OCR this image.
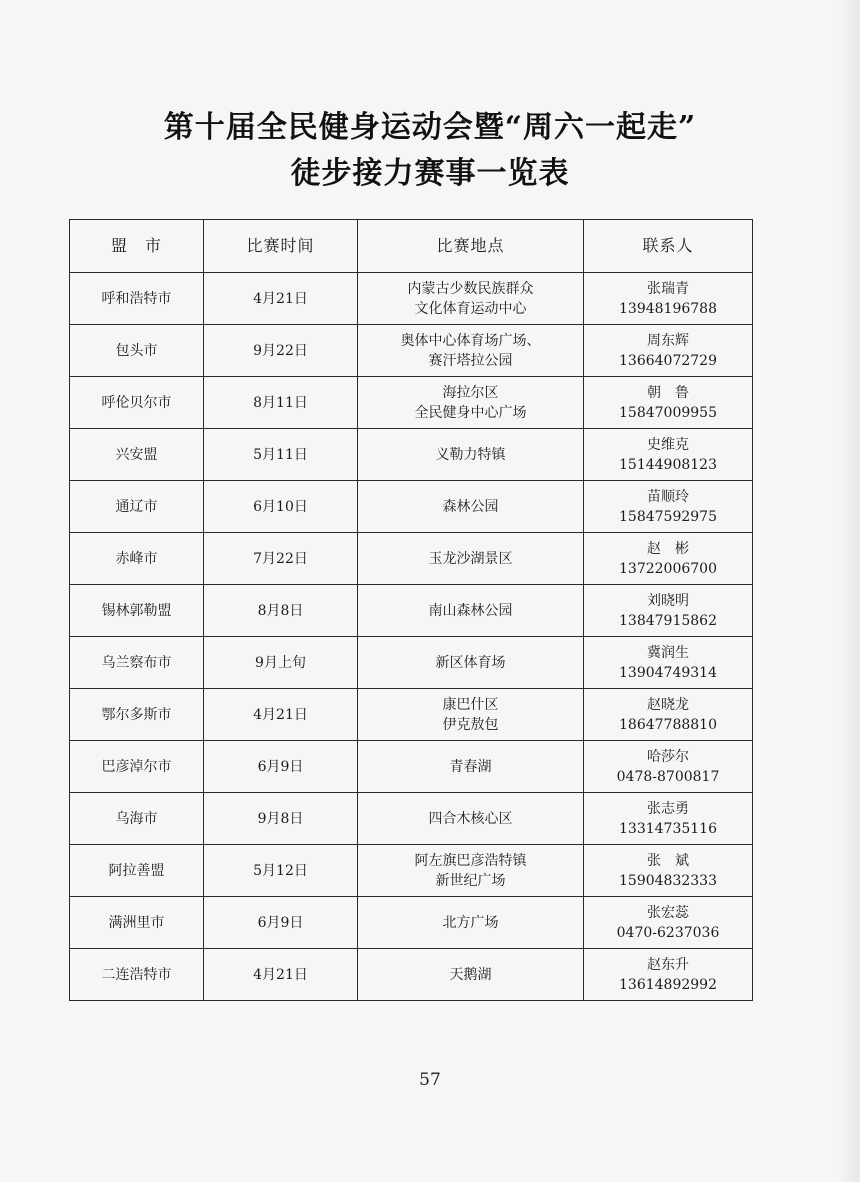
第十届全民健身运动会暨“周六一起走”
徒步接力赛事一览表
盟　市	比赛时间	比赛地点	联系人
呼和浩特市	4月21日	内蒙古少数民族群众
文化体育运动中心	张瑞青
13948196788

包头市	9月22日	奥体中心体育场广场、
赛汗塔拉公园	周东辉
13664072729

呼伦贝尔市	8月11日	海拉尔区
全民健身中心广场	朝　鲁
15847009955

兴安盟	5月11日	义勒力特镇	史维克
15144908123

通辽市	6月10日	森林公园	苗顺玲
15847592975

赤峰市	7月22日	玉龙沙湖景区	赵　彬
13722006700

锡林郭勒盟	8月8日	南山森林公园	刘晓明
13847915862

乌兰察布市	9月上旬	新区体育场	冀润生
13904749314

鄂尔多斯市	4月21日	康巴什区
伊克敖包	赵晓龙
18647788810

巴彦淖尔市	6月9日	青春湖	哈莎尔
0478-8700817

乌海市	9月8日	四合木核心区	张志勇
13314735116

阿拉善盟	5月12日	阿左旗巴彦浩特镇
新世纪广场	张　斌
15904832333

满洲里市	6月9日	北方广场	张宏蕊
0470-6237036

二连浩特市	4月21日	天鹅湖	赵东升
13614892992
57
